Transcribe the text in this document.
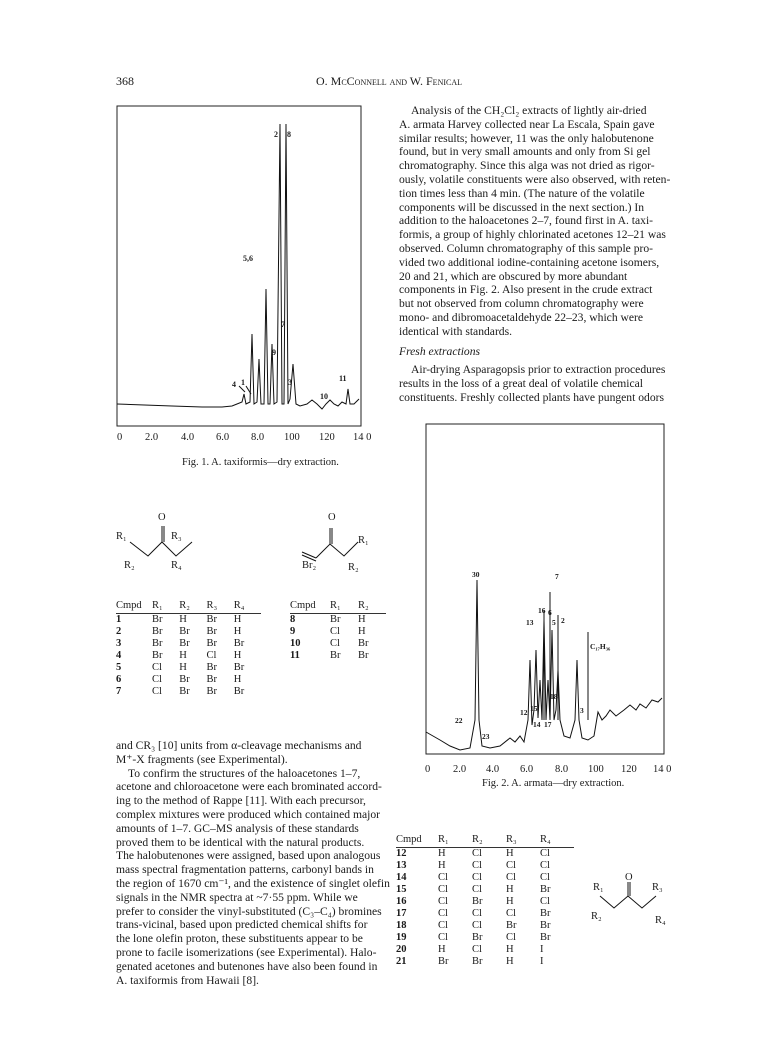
368	O. McConnell and W. Fenical
Analysis of the CH₂Cl₂ extracts of lightly air-dried
A. armata Harvey collected near La Escala, Spain gave
similar results; however, 11 was the only halobutenone
found, but in very small amounts and only from Si gel
chromatography. Since this alga was not dried as rigor-
ously, volatile constituents were also observed, with reten-
tion times less than 4 min. (The nature of the volatile
components will be discussed in the next section.) In
addition to the haloacetones 2–7, found first in A. taxi-
formis, a group of highly chlorinated acetones 12–21 was
observed. Column chromatography of this sample pro-
vided two additional iodine-containing acetone isomers,
20 and 21, which are obscured by more abundant
components in Fig. 2. Also present in the crude extract
but not observed from column chromatography were
mono- and dibromoacetaldehyde 22–23, which were
identical with standards.
Fresh extractions
Air-drying Asparagopsis prior to extraction procedures
results in the loss of a great deal of volatile chemical
constituents. Freshly collected plants have pungent odors
0 2.0 4.0 6.0 8.0 100 120 14 0
2 8
5,6
7
9
4 1	3	11
10
Fig. 1. A. taxiformis—dry extraction.
O
R₁	R₃
R₂	R₄
O
R₁
Br₂	R₂
Cmpd	R₁	R₂	R₃	R₄
1	Br	H	Br	H
2	Br	Br	Br	H
3	Br	Br	Br	Br
4	Br	H	Cl	H
5	Cl	H	Br	Br
6	Cl	Br	Br	H
7	Cl	Br	Br	Br
Cmpd	R₁	R₂
8	Br	H
9	Cl	H
10	Cl	Br
11	Br	Br
and CR₃ [10] units from α-cleavage mechanisms and
M⁺-X fragments (see Experimental).
To confirm the structures of the haloacetones 1–7,
acetone and chloroacetone were each brominated accord-
ing to the method of Rappe [11]. With each precursor,
complex mixtures were produced which contained major
amounts of 1–7. GC–MS analysis of these standards
proved them to be identical with the natural products.
The halobutenones were assigned, based upon analogous
mass spectral fragmentation patterns, carbonyl bands in
the region of 1670 cm⁻¹, and the existence of singlet olefin
signals in the NMR spectra at ~7·55 ppm. While we
prefer to consider the vinyl-substituted (C₃–C₄) bromines
trans-vicinal, based upon predicted chemical shifts for
the lone olefin proton, these substituents appear to be
prone to facile isomerizations (see Experimental). Halo-
genated acetones and butenones have also been found in
A. taxiformis from Hawaii [8].
0 2.0 4.0 6.0 8.0 100 120 14 0
30	7
16 6
13 5 2
C₁₇H₃₆
12 15
14
18
17
3
22
23
Fig. 2. A. armata—dry extraction.
Cmpd	R₁	R₂	R₃	R₄
12	H	Cl	H	Cl
13	H	Cl	Cl	Cl
14	Cl	Cl	Cl	Cl
15	Cl	Cl	H	Br
16	Cl	Br	H	Cl
17	Cl	Cl	Cl	Br
18	Cl	Cl	Br	Br
19	Cl	Br	Cl	Br
20	H	Cl	H	I
21	Br	Br	H	I
O
R₁	R₃
R₂	R₄
